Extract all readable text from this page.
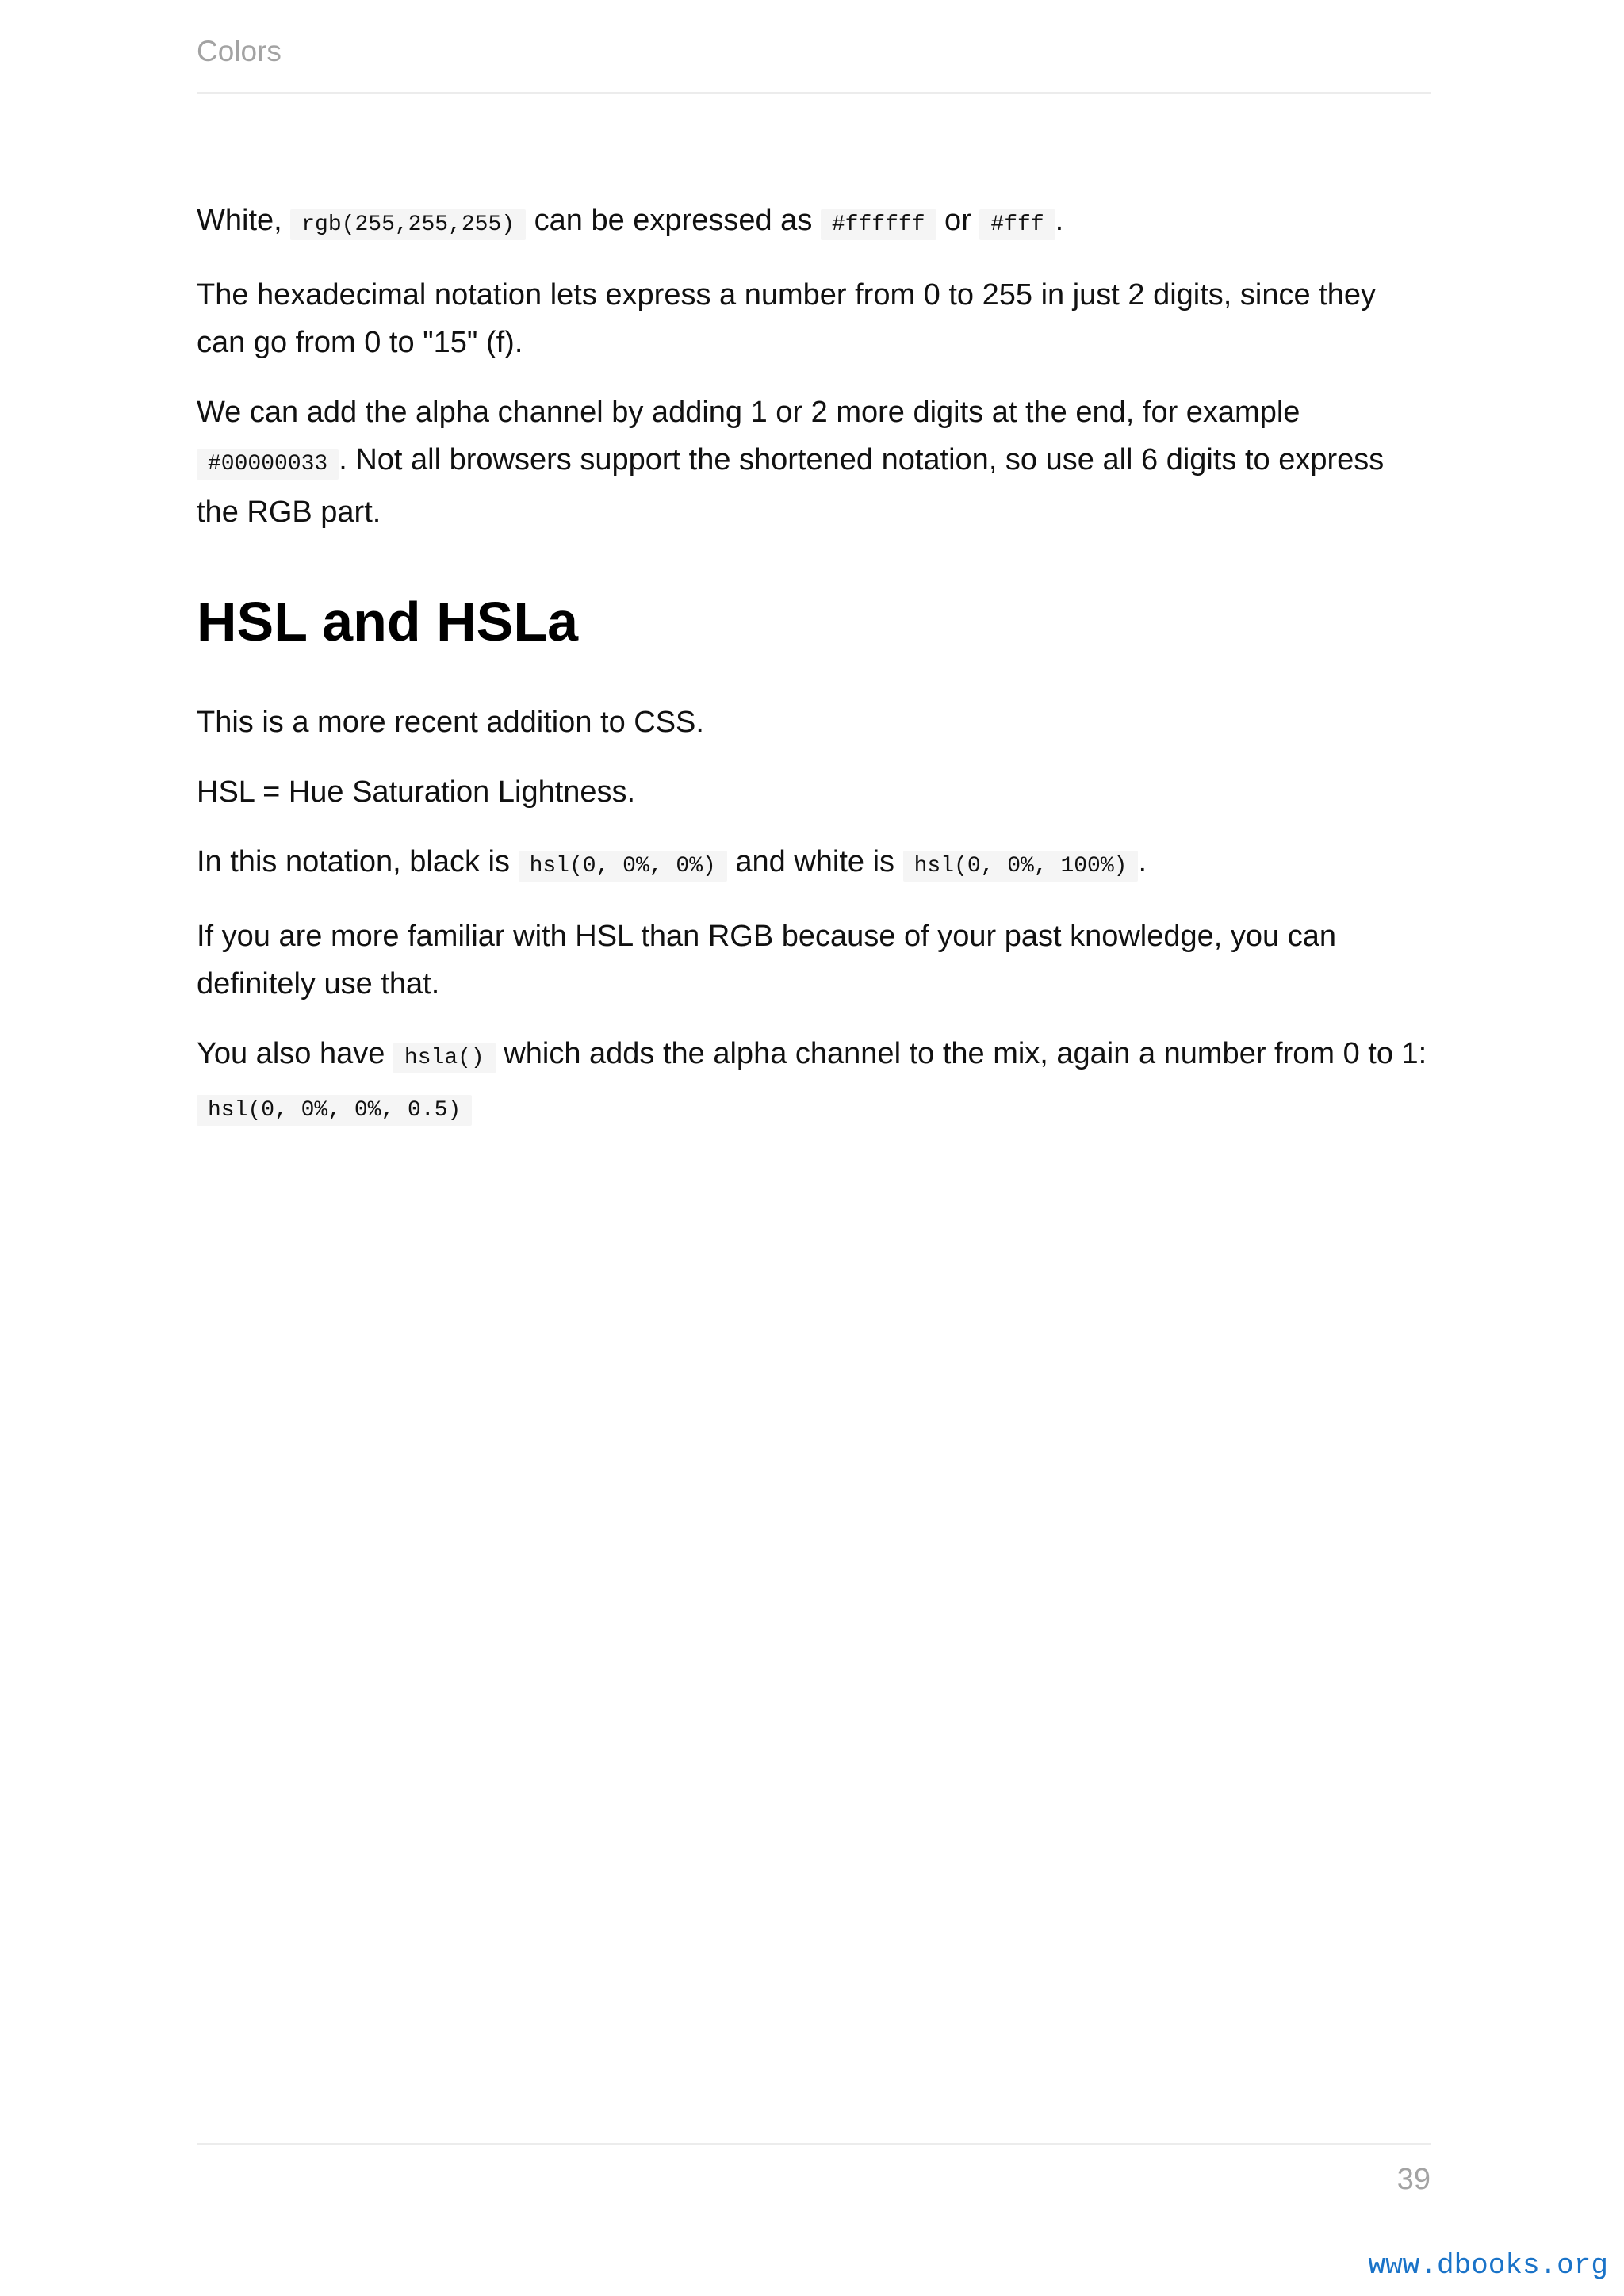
Colors

White, rgb(255,255,255) can be expressed as #ffffff or #fff .

The hexadecimal notation lets express a number from 0 to 255 in just 2 digits, since they can go from 0 to "15" (f).

We can add the alpha channel by adding 1 or 2 more digits at the end, for example #00000033 . Not all browsers support the shortened notation, so use all 6 digits to express the RGB part.

HSL and HSLa

This is a more recent addition to CSS.

HSL = Hue Saturation Lightness.

In this notation, black is hsl(0, 0%, 0%) and white is hsl(0, 0%, 100%) .

If you are more familiar with HSL than RGB because of your past knowledge, you can definitely use that.

You also have hsla() which adds the alpha channel to the mix, again a number from 0 to 1: hsl(0, 0%, 0%, 0.5)

39
www.dbooks.org
